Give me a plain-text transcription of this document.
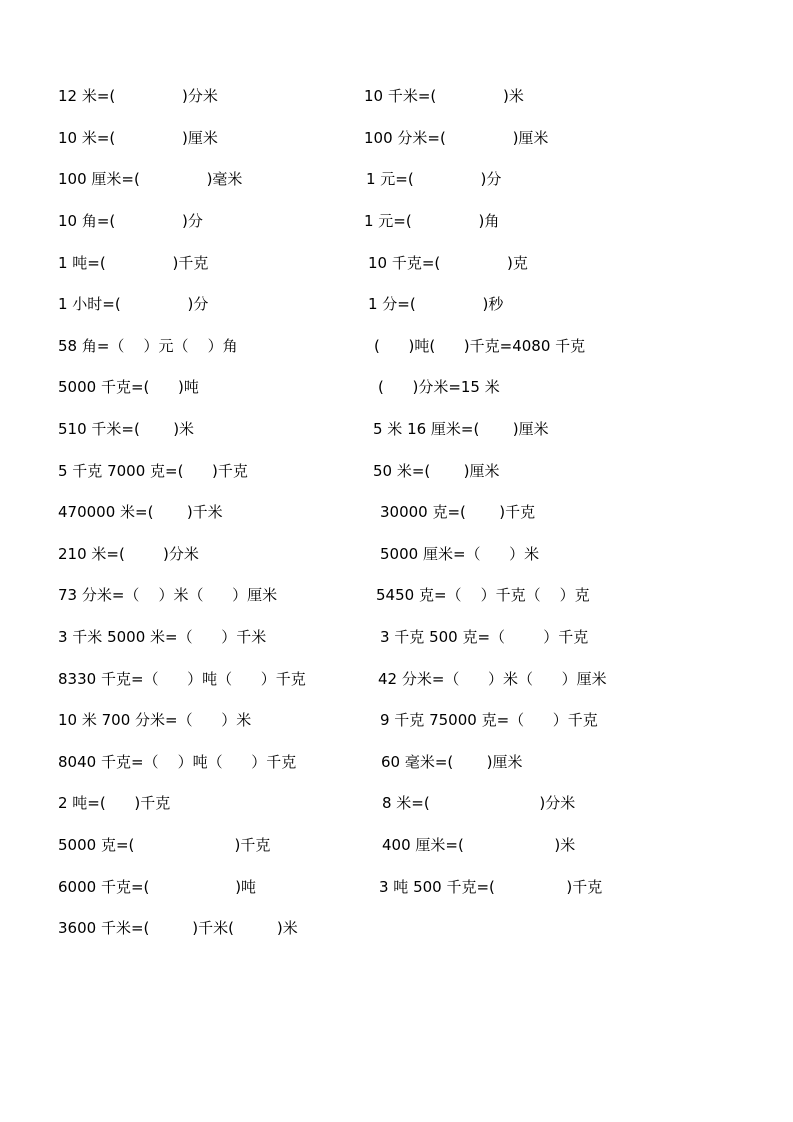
12 米=(              )分米	10 千米=(              )米
10 米=(              )厘米	100 分米=(              )厘米
100 厘米=(              )毫米	1 元=(              )分
10 角=(              )分	1 元=(              )角
1 吨=(              )千克	10 千克=(              )克
1 小时=(              )分	1 分=(              )秒
58 角=（    ）元（    ）角	(      )吨(      )千克=4080 千克
5000 千克=(      )吨	(      )分米=15 米
510 千米=(       )米	5 米 16 厘米=(       )厘米
5 千克 7000 克=(      )千克	50 米=(       )厘米
470000 米=(       )千米	30000 克=(       )千克
210 米=(        )分米	5000 厘米=（      ）米
73 分米=（    ）米（      ）厘米	5450 克=（    ）千克（    ）克
3 千米 5000 米=（      ）千米	3 千克 500 克=（        ）千克
8330 千克=（      ）吨（      ）千克	42 分米=（      ）米（      ）厘米
10 米 700 分米=（      ）米	9 千克 75000 克=（      ）千克
8040 千克=（    ）吨（      ）千克	60 毫米=(       )厘米
2 吨=(      )千克	8 米=(                       )分米
5000 克=(                     )千克	400 厘米=(                   )米
6000 千克=(                  )吨	3 吨 500 千克=(               )千克
3600 千米=(         )千米(         )米
